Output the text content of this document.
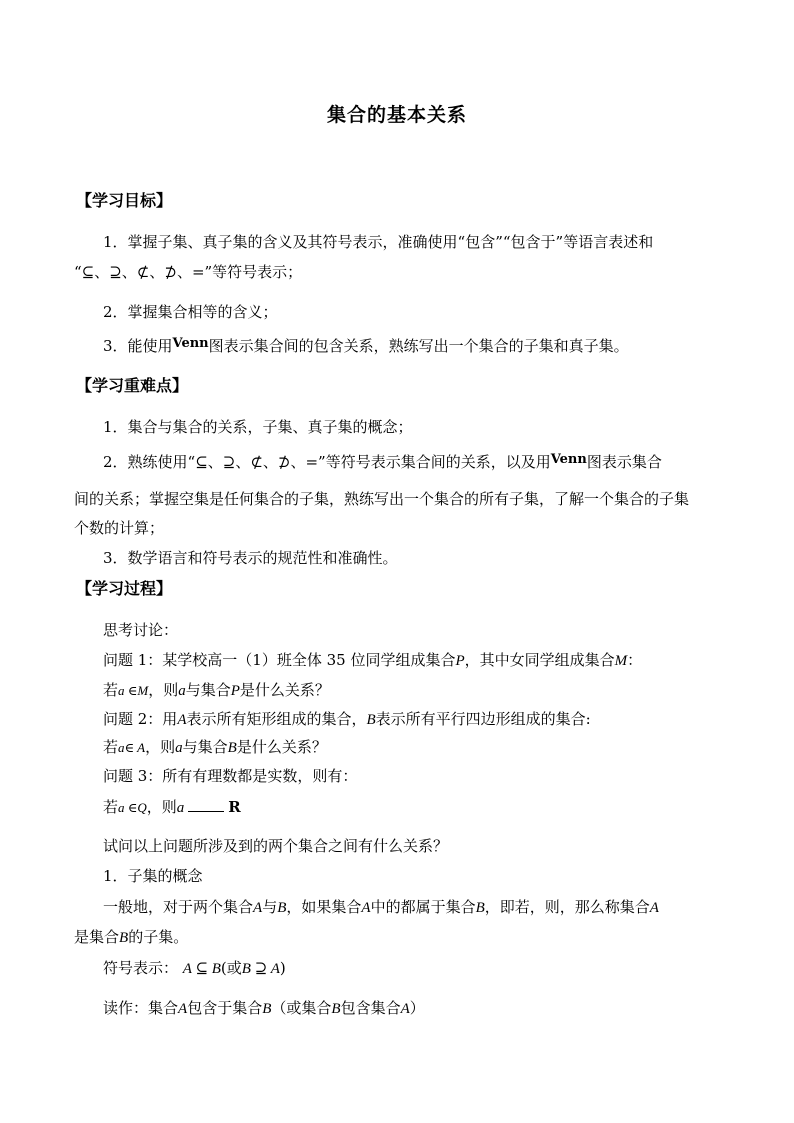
集合的基本关系
【学习目标】
1．掌握子集、真子集的含义及其符号表示，准确使用“包含”“包含于”等语言表述和
“⊆、⊇、⊄、⊅、=”等符号表示；
2．掌握集合相等的含义；
3．能使用Venn图表示集合间的包含关系，熟练写出一个集合的子集和真子集。
【学习重难点】
1．集合与集合的关系，子集、真子集的概念；
2．熟练使用“⊆、⊇、⊄、⊅、=”等符号表示集合间的关系，以及用Venn图表示集合
间的关系；掌握空集是任何集合的子集，熟练写出一个集合的所有子集，了解一个集合的子集
个数的计算；
3．数学语言和符号表示的规范性和准确性。
【学习过程】
思考讨论：
问题 1：某学校高一（1）班全体 35 位同学组成集合P，其中女同学组成集合M：
若a ∈M，则a与集合P是什么关系？
问题 2：用A表示所有矩形组成的集合，B表示所有平行四边形组成的集合:
若a∈ A，则a与集合B是什么关系？
问题 3：所有有理数都是实数，则有：
若a ∈Q，则a	R
试问以上问题所涉及到的两个集合之间有什么关系？
1．子集的概念
一般地，对于两个集合A与B，如果集合A中的都属于集合B，即若，则，那么称集合A
是集合B的子集。
符号表示： A ⊆ B(或B ⊇ A)
读作：集合A包含于集合B（或集合B包含集合A）
